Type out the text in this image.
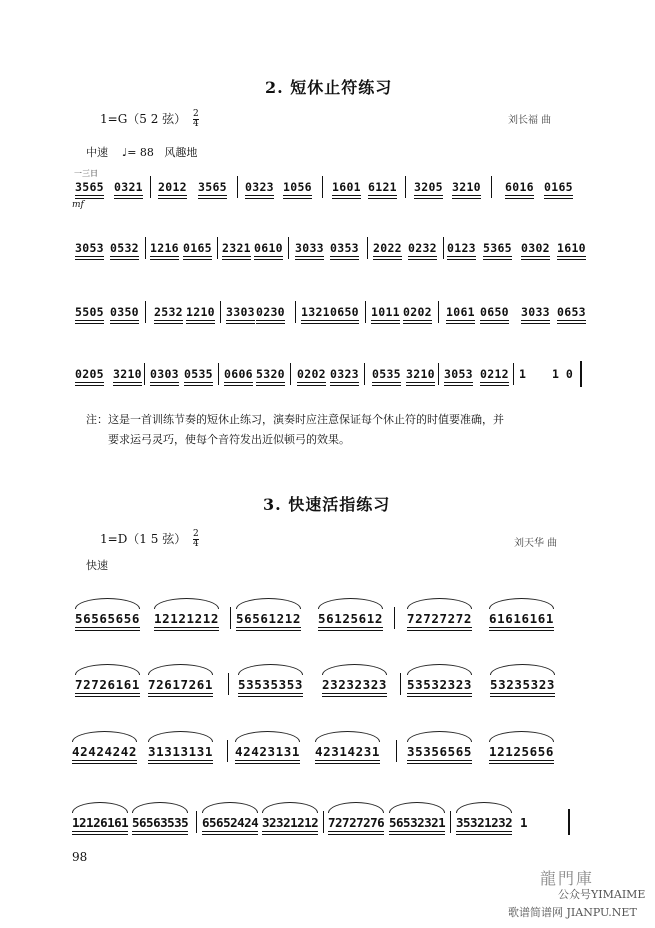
2. 短休止符练习
1=G（5 2 弦） $\frac{2}{4}$	刘长福 曲
中速 ♩= 88 风趣地
一三日
mf
3565 0321 2012 3565 0323 1056 1601 6121 3205 3210 6016 0165
3053 0532 1216 0165 2321 0610 3033 0353 2022 0232 0123 5365 0302 1610
5505 0350 2532 1210 3303 0230 1321 0650 1011 0202 1061 0650 3033 0653
0205 3210 0303 0535 0606 5320 0202 0323 0535 3210 3053 0212 1 1 0
注：这是一首训练节奏的短休止练习，演奏时应注意保证每个休止符的时值要准确，并
要求运弓灵巧，使每个音符发出近似顿弓的效果。
3. 快速活指练习
1=D（1 5 弦） $\frac{2}{4}$	刘天华 曲
快速
56565656 12121212 56561212 56125612 72727272 61616161
72726161 72617261 53535353 23232323 53532323 53235323
42424242 31313131 42423131 42314231 35356565 12125656
12126161 56563535 65652424 32321212 72727276 56532321 35321232 1
98
龍門庫
公众号YIMAIME
歌谱简谱网 JIANPU.NET
